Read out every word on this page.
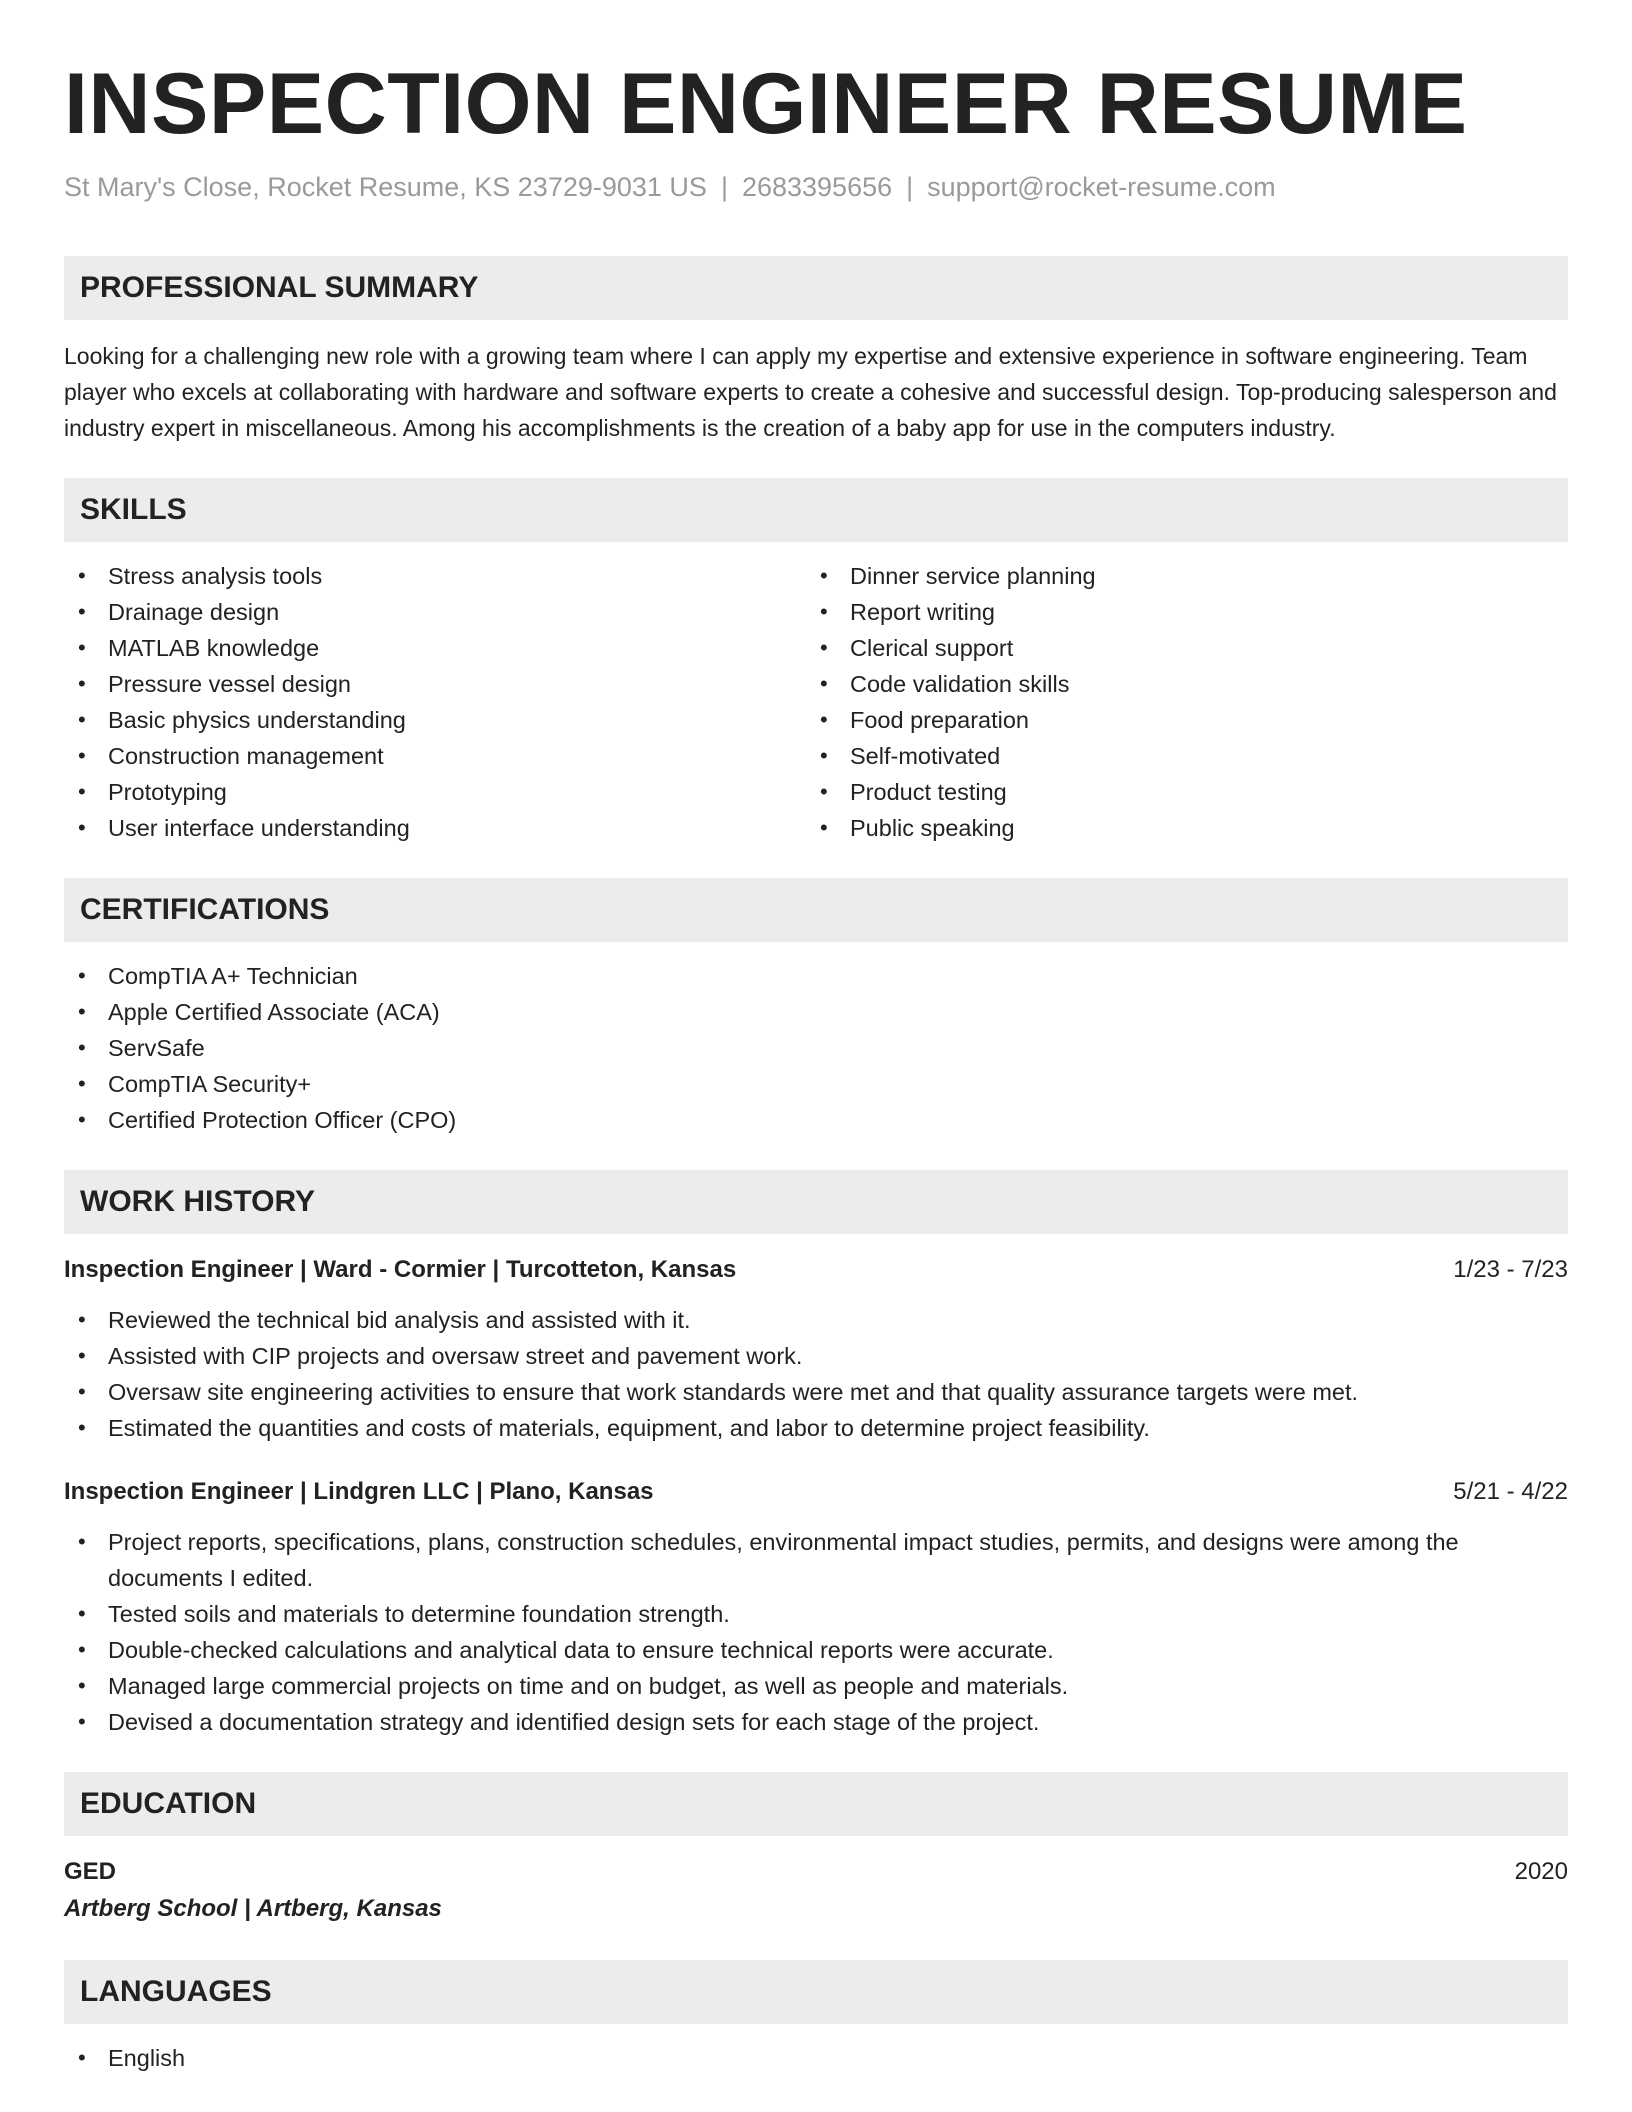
INSPECTION ENGINEER RESUME
St Mary's Close, Rocket Resume, KS 23729-9031 US | 2683395656 | support@rocket-resume.com
PROFESSIONAL SUMMARY

Looking for a challenging new role with a growing team where I can apply my expertise and extensive experience in software engineering. Team player who excels at collaborating with hardware and software experts to create a cohesive and successful design. Top-producing salesperson and industry expert in miscellaneous. Among his accomplishments is the creation of a baby app for use in the computers industry.

SKILLS
• Stress analysis tools
• Drainage design
• MATLAB knowledge
• Pressure vessel design
• Basic physics understanding
• Construction management
• Prototyping
• User interface understanding
• Dinner service planning
• Report writing
• Clerical support
• Code validation skills
• Food preparation
• Self-motivated
• Product testing
• Public speaking
CERTIFICATIONS
• CompTIA A+ Technician
• Apple Certified Associate (ACA)
• ServSafe
• CompTIA Security+
• Certified Protection Officer (CPO)
WORK HISTORY
Inspection Engineer | Ward - Cormier | Turcotteton, Kansas	1/23 - 7/23
• Reviewed the technical bid analysis and assisted with it.
• Assisted with CIP projects and oversaw street and pavement work.
• Oversaw site engineering activities to ensure that work standards were met and that quality assurance targets were met.
• Estimated the quantities and costs of materials, equipment, and labor to determine project feasibility.
Inspection Engineer | Lindgren LLC | Plano, Kansas	5/21 - 4/22
• Project reports, specifications, plans, construction schedules, environmental impact studies, permits, and designs were among the documents I edited.
• Tested soils and materials to determine foundation strength.
• Double-checked calculations and analytical data to ensure technical reports were accurate.
• Managed large commercial projects on time and on budget, as well as people and materials.
• Devised a documentation strategy and identified design sets for each stage of the project.
EDUCATION
GED	2020
Artberg School | Artberg, Kansas
LANGUAGES
• English
